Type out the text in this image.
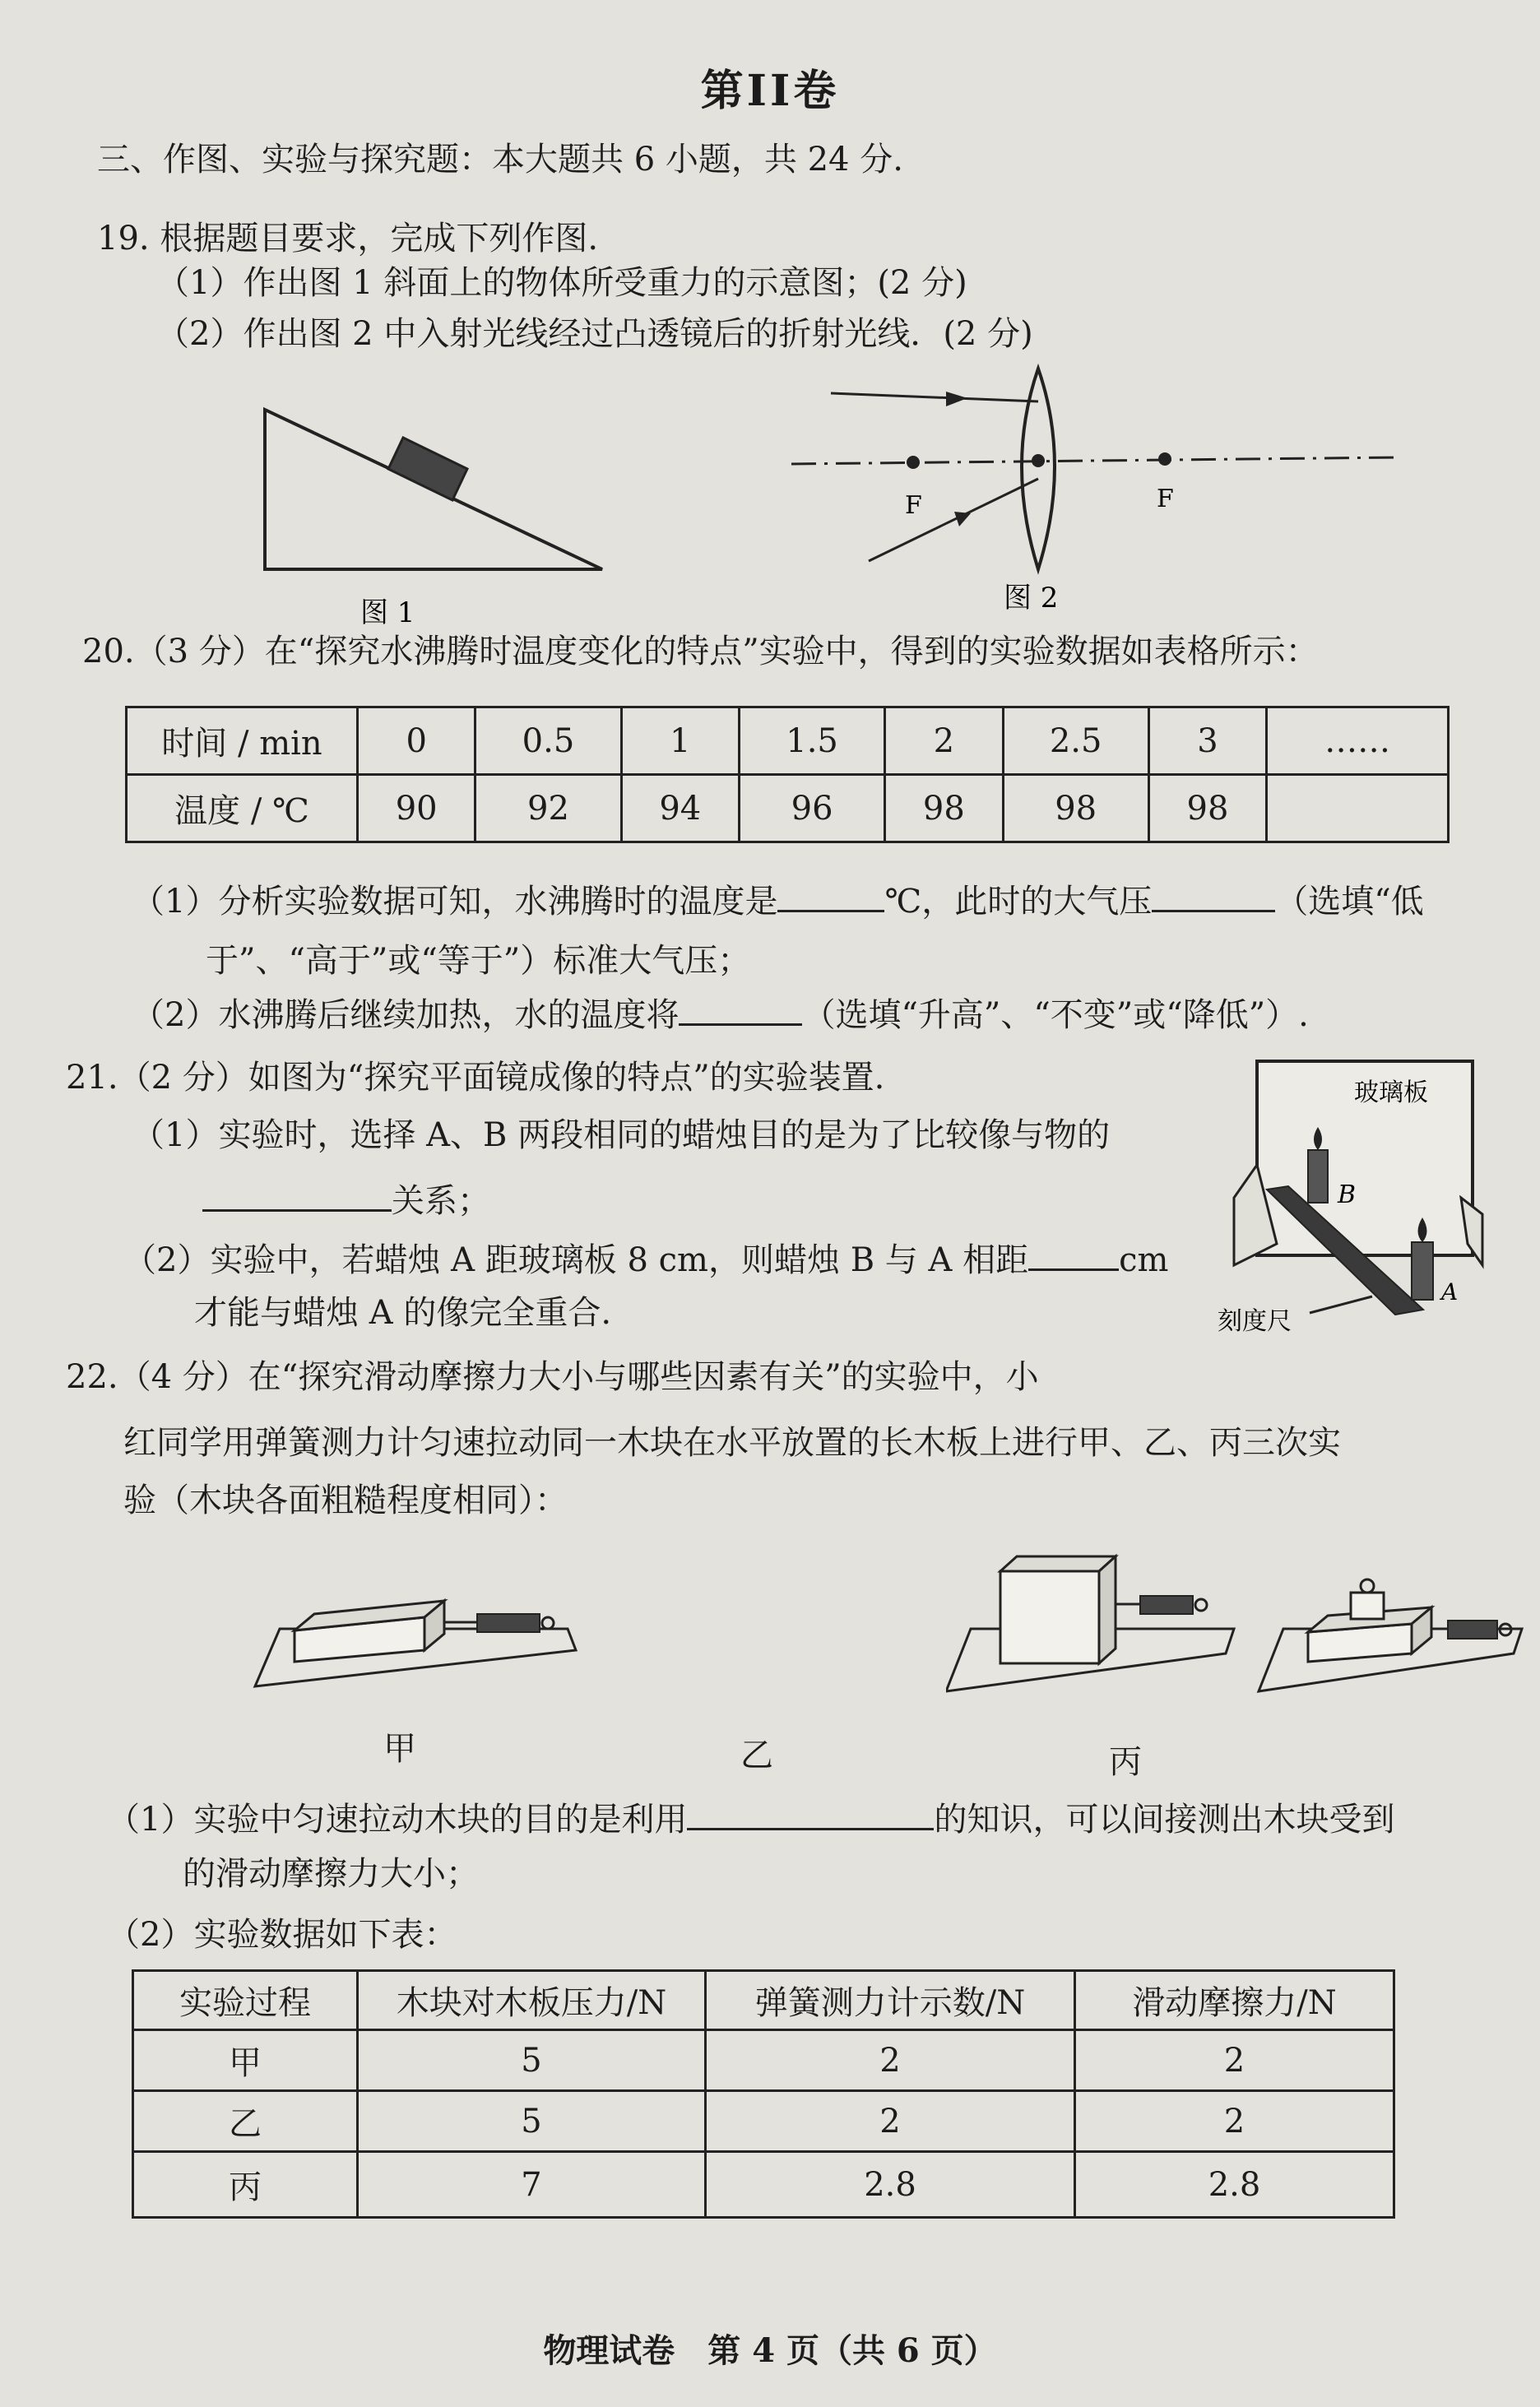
第II卷
三、作图、实验与探究题：本大题共 6 小题，共 24 分.
19. 根据题目要求，完成下列作图.
（1）作出图 1 斜面上的物体所受重力的示意图；(2 分)
（2）作出图 2 中入射光线经过凸透镜后的折射光线．(2 分)
图 1
F	F
图 2
20.（3 分）在“探究水沸腾时温度变化的特点”实验中，得到的实验数据如表格所示：
时间 / min	0	0.5	1	1.5	2	2.5	3	……
温度 / ℃	90	92	94	96	98	98	98	
（1）分析实验数据可知，水沸腾时的温度是	℃，此时的大气压	（选填“低
于”、“高于”或“等于”）标准大气压；
（2）水沸腾后继续加热，水的温度将	（选填“升高”、“不变”或“降低”）.
21.（2 分）如图为“探究平面镜成像的特点”的实验装置.
（1）实验时，选择 A、B 两段相同的蜡烛目的是为了比较像与物的
关系；
（2）实验中，若蜡烛 A 距玻璃板 8 cm，则蜡烛 B 与 A 相距	cm
才能与蜡烛 A 的像完全重合.
玻璃板
B
A
刻度尺
22.（4 分）在“探究滑动摩擦力大小与哪些因素有关”的实验中，小
红同学用弹簧测力计匀速拉动同一木块在水平放置的长木板上进行甲、乙、丙三次实
验（木块各面粗糙程度相同）：
甲	乙	丙
（1）实验中匀速拉动木块的目的是利用	的知识，可以间接测出木块受到
的滑动摩擦力大小；
（2）实验数据如下表：
实验过程	木块对木板压力/N	弹簧测力计示数/N	滑动摩擦力/N
甲	5	2	2
乙	5	2	2
丙	7	2.8	2.8
物理试卷　第 4 页（共 6 页）
